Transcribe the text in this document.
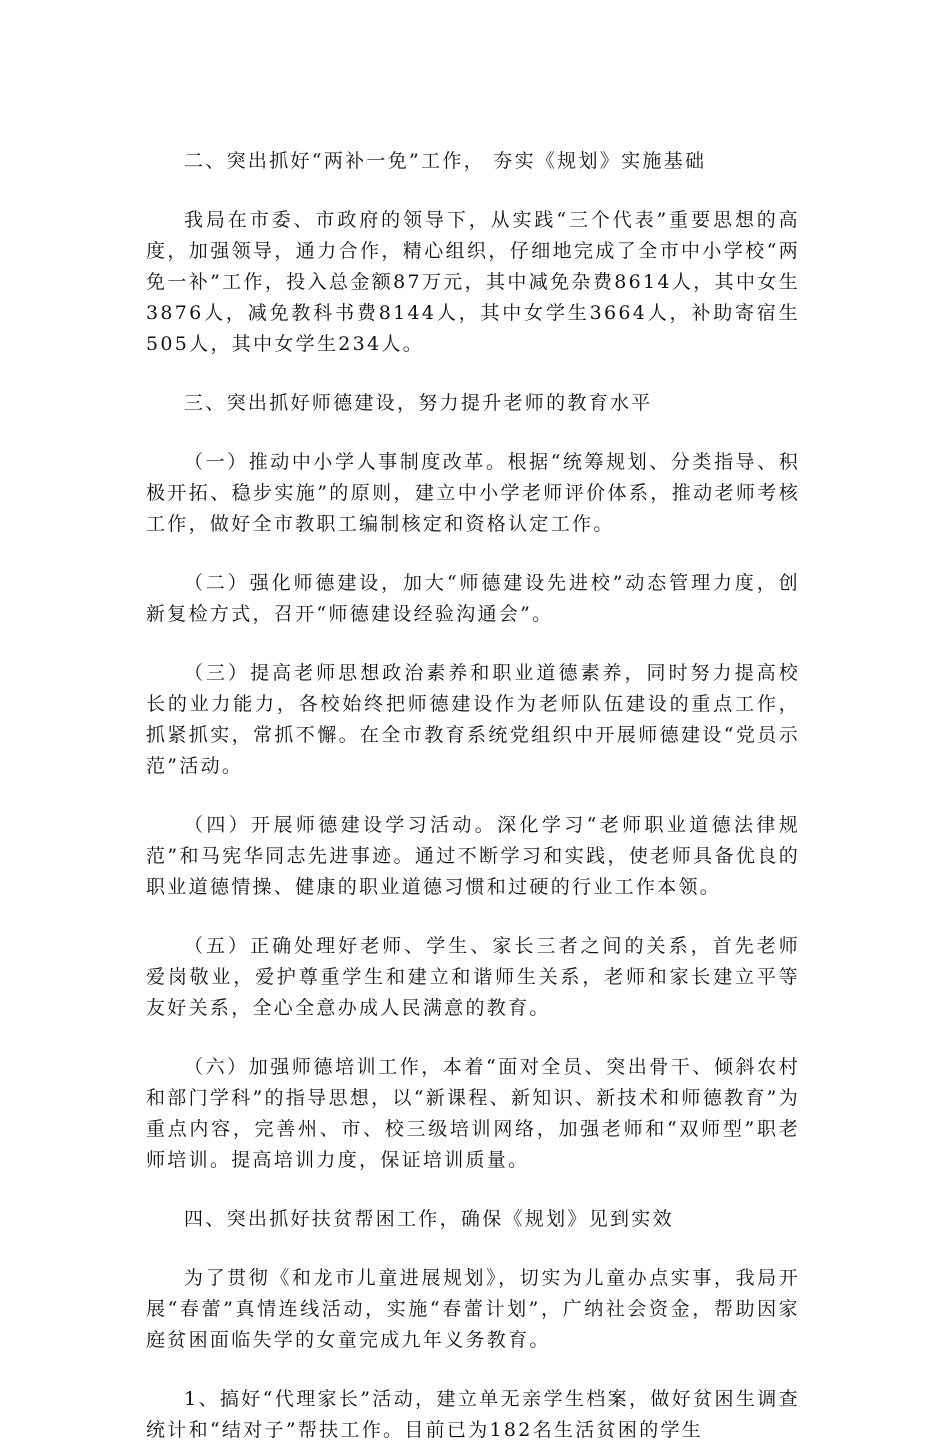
二、突出抓好“两补一免”工作， 夯实《规划》实施基础

我局在市委、市政府的领导下，从实践“三个代表”重要思想的高度，加强领导，通力合作，精心组织，仔细地完成了全市中小学校“两免一补”工作，投入总金额87万元，其中减免杂费8614人，其中女生3876人，减免教科书费8144人，其中女学生3664人，补助寄宿生505人，其中女学生234人。

三、突出抓好师德建设，努力提升老师的教育水平

（一）推动中小学人事制度改革。根据“统筹规划、分类指导、积极开拓、稳步实施”的原则，建立中小学老师评价体系，推动老师考核工作，做好全市教职工编制核定和资格认定工作。

（二）强化师德建设，加大“师德建设先进校”动态管理力度，创新复检方式，召开“师德建设经验沟通会”。

（三）提高老师思想政治素养和职业道德素养，同时努力提高校长的业力能力，各校始终把师德建设作为老师队伍建设的重点工作，抓紧抓实，常抓不懈。在全市教育系统党组织中开展师德建设“党员示范”活动。

（四）开展师德建设学习活动。深化学习“老师职业道德法律规范”和马宪华同志先进事迹。通过不断学习和实践，使老师具备优良的职业道德情操、健康的职业道德习惯和过硬的行业工作本领。

（五）正确处理好老师、学生、家长三者之间的关系，首先老师爱岗敬业，爱护尊重学生和建立和谐师生关系，老师和家长建立平等友好关系，全心全意办成人民满意的教育。

（六）加强师德培训工作，本着“面对全员、突出骨干、倾斜农村和部门学科”的指导思想，以“新课程、新知识、新技术和师德教育”为重点内容，完善州、市、校三级培训网络，加强老师和“双师型”职老师培训。提高培训力度，保证培训质量。

四、突出抓好扶贫帮困工作，确保《规划》见到实效

为了贯彻《和龙市儿童进展规划》，切实为儿童办点实事，我局开展“春蕾”真情连线活动，实施“春蕾计划”，广纳社会资金，帮助因家庭贫困面临失学的女童完成九年义务教育。

1、搞好“代理家长”活动，建立单无亲学生档案，做好贫困生调查统计和“结对子”帮扶工作。目前已为182名生活贫困的学生
